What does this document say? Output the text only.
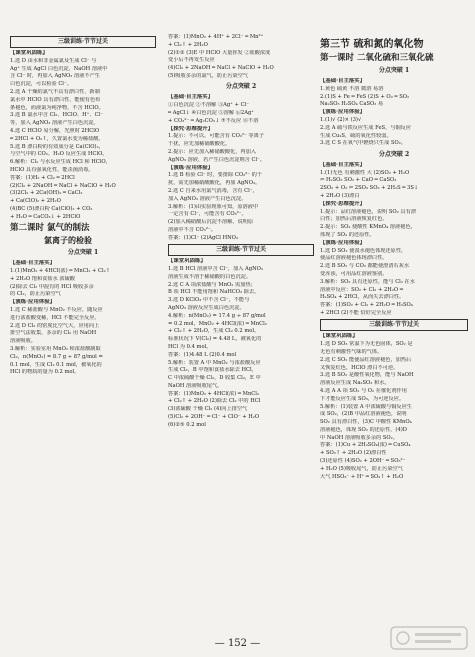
三级训练·节节过关

【课堂巩固练】

1.选 D 由水和非金属氯及生成 Cl⁻ 与

Ag⁺ 生成 AgCl 白色沉淀，NaOH 溶液中

含 Cl⁻ 时，再加入 AgNO₃ 溶液不产生

白色沉淀，可以检验 Cl⁻。

2.选 A 干燥的氯气不具有漂白性，新制

氯水中 HClO 具有漂白性，能使有色布

条褪色，而液氯为纯净物，不含 HClO。

3.选 B 氯水中含 Cl₂、HClO、H⁺、Cl⁻

等，加入 AgNO₃ 溶液产生白色沉淀。

4.选 C HClO 易分解，光照时 2HClO

═ 2HCl + O₂↑，久置氯水变为稀盐酸。

5.选 B 漂白粉的有效成分是 Ca(ClO)₂，

与空气中的 CO₂、H₂O 反应生成 HClO。

6.解析：Cl₂ 与水反应生成 HCl 和 HClO，

HClO 具有强氧化性，能杀菌消毒。

答案：(1)H₂ + Cl₂ ═ 2HCl

(2)Cl₂ + 2NaOH ═ NaCl + NaClO + H₂O

(3)2Cl₂ + 2Ca(OH)₂ ═ CaCl₂

+ Ca(ClO)₂ + 2H₂O

(4)BC (5)漂白粉 Ca(ClO)₂ + CO₂

+ H₂O ═ CaCO₃↓ + 2HClO

第二课时 氯气的制法
氯离子的检验
分点突破 1

【基础·自主落实】

1.(1)MnO₂ + 4HCl(浓) ═ MnCl₂ + Cl₂↑

+ 2H₂O 饱和食盐水 浓硫酸

(2)除去 Cl₂ 中混有的 HCl 吸收多余

的 Cl₂，防止污染空气

【演练·应用体验】

1.选 C 稀盐酸与 MnO₂ 不反应，随反应

进行浓盐酸变稀，HCl 不能完全反应。

2.选 D Cl₂ 的密度比空气大，应用向上

排空气法收集，多余的 Cl₂ 用 NaOH

溶液吸收。

3.解析：实验室用 MnO₂ 和浓盐酸制取

Cl₂，n(MnO₂) = 8.7 g ÷ 87 g/mol =

0.1 mol，生成 Cl₂ 0.1 mol，被氧化的

HCl 的物质的量为 0.2 mol。

答案：(1)MnO₂ + 4H⁺ + 2Cl⁻ ═ Mn²⁺

+ Cl₂↑ + 2H₂O

(2)①② (3)E 中 HClO 大量挥发 ②盐酸浓度

变小后不再发生反应

(4)Cl₂ + 2NaOH ═ NaCl + NaClO + H₂O

(5)吸收多余的氯气，防止污染空气

分点突破 2

【基础·自主落实】

①白色沉淀 ②不溶解 ③Ag⁺ + Cl⁻

═ AgCl↓ ④白色沉淀 ⑤溶解 ⑥2Ag⁺

+ CO₃²⁻ ═ Ag₂CO₃↓ ⑦不反应 ⑧不溶

【探究·思维提升】

1.提示：不可以，可能含有 CO₃²⁻ 等离子

干扰，应先加稀硝酸酸化。

2.提示：应先加入稀硝酸酸化，再加入

AgNO₃ 溶液，若产生白色沉淀则含 Cl⁻。

【演练·应用体验】

1.选 B 检验 Cl⁻ 时，要排除 CO₃²⁻ 的干

扰，需先加稀硝酸酸化，再加 AgNO₃。

2.选 C 自来水用氯气消毒，含有 Cl⁻，

加入 AgNO₃ 溶液产生白色沉淀。

3.解析：(1)由实验现象可知，原溶液中

一定含有 Cl⁻，可能含有 CO₃²⁻。

(2)加入稀硝酸后沉淀不溶解，说明原

溶液中不含 CO₃²⁻。

答案：(1)Cl⁻ (2)AgCl HNO₃

三级训练·节节过关

【课堂巩固练】

1.选 B HCl 溶液中含 Cl⁻，加入 AgNO₃

溶液生成不溶于稀硝酸的白色沉淀。

2.选 C A 项浓盐酸与 MnO₂ 需加热；

B 项 HCl 不能用饱和 NaHCO₃ 除去。

3.选 D KClO₃ 中不含 Cl⁻，不能与

AgNO₃ 溶液反应生成白色沉淀。

4.解析：n(MnO₂) = 17.4 g ÷ 87 g/mol

= 0.2 mol，MnO₂ + 4HCl(浓) ═ MnCl₂

+ Cl₂↑ + 2H₂O，生成 Cl₂ 0.2 mol。

标准状况下 V(Cl₂) = 4.48 L，被氧化的

HCl 为 0.4 mol。

答案：(1)4.48 L (2)0.4 mol

5.解析：装置 A 中 MnO₂ 与浓盐酸反应

生成 Cl₂，B 中饱和食盐水除去 HCl，

C 中浓硫酸干燥 Cl₂，D 收集 Cl₂，E 中

NaOH 溶液吸收尾气。

答案：(1)MnO₂ + 4HCl(浓) ═ MnCl₂

+ Cl₂↑ + 2H₂O (2)除去 Cl₂ 中的 HCl

(3)浓硫酸 干燥 Cl₂ (4)向上排空气

(5)Cl₂ + 2OH⁻ ═ Cl⁻ + ClO⁻ + H₂O

(6)②⑤ 0.2 mol

第三节 硫和氮的氧化物
第一课时 二氧化硫和三氧化硫
分点突破 1

【基础·自主落实】

1.黄色 硫黄 不溶 微溶 易溶

2.(1)S + Fe ═ FeS (2)S + O₂ ═ SO₂

Na₂SO₃ H₂SO₄ CaSO₃ 易

【演练·应用体验】

1.(1)√ (2)× (3)√

2.选 A 硫与铁反应生成 FeS，与铜反应

生成 Cu₂S，硫的氧化性较弱。

3.选 C S 在氧气中燃烧只生成 SO₂。

分点突破 2

【基础·自主落实】

1.(1)无色 有刺激性 大 (2)SO₂ + H₂O

⇌ H₂SO₃ SO₂ + CaO ═ CaSO₃

2SO₂ + O₂ ⇌ 2SO₃ SO₂ + 2H₂S ═ 3S↓

+ 2H₂O (3)漂白

【探究·思维提升】

1.提示：品红溶液褪色，说明 SO₂ 具有漂

白性；加热后溶液恢复红色。

2.提示：SO₂ 使酸性 KMnO₄ 溶液褪色，

体现了 SO₂ 的还原性。

【演练·应用体验】

1.选 D SO₂ 使溴水褪色体现还原性，

使品红溶液褪色体现漂白性。

2.选 B SO₂ 与 CO₂ 都能使澄清石灰水

变浑浊，可用品红溶液鉴别。

3.解析：SO₂ 具有还原性，能与 Cl₂ 在水

溶液中反应：SO₂ + Cl₂ + 2H₂O ═

H₂SO₄ + 2HCl，从而失去漂白性。

答案：(1)SO₂ + Cl₂ + 2H₂O ═ H₂SO₄

+ 2HCl (2)不能 恰好完全反应

三级训练·节节过关

【课堂巩固练】

1.选 D SO₃ 常温下为无色固体，SO₂ 是

无色有刺激性气味的气体。

2.选 C SO₂ 能使品红溶液褪色，加热后

又恢复红色，HClO 漂白不可逆。

3.选 B SO₂ 是酸性氧化物，能与 NaOH

溶液反应生成 Na₂SO₃ 和水。

4.选 A A 项 SO₂ 与 O₂ 在催化剂作用

下才能反应生成 SO₃，为可逆反应。

5.解析：(1)装置 A 中浓硫酸与铜反应生

成 SO₂，(2)B 中品红溶液褪色，说明

SO₂ 具有漂白性，(3)C 中酸性 KMnO₄

溶液褪色，体现 SO₂ 的还原性，(4)D

中 NaOH 溶液吸收多余的 SO₂。

答案：(1)Cu + 2H₂SO₄(浓) ═ CuSO₄

+ SO₂↑ + 2H₂O (2)漂白性

(3)还原性 (4)SO₂ + 2OH⁻ ═ SO₃²⁻

+ H₂O (5)吸收尾气，防止污染空气

大气 HSO₃⁻ + H⁺ ═ SO₂↑ + H₂O

— 152 —
